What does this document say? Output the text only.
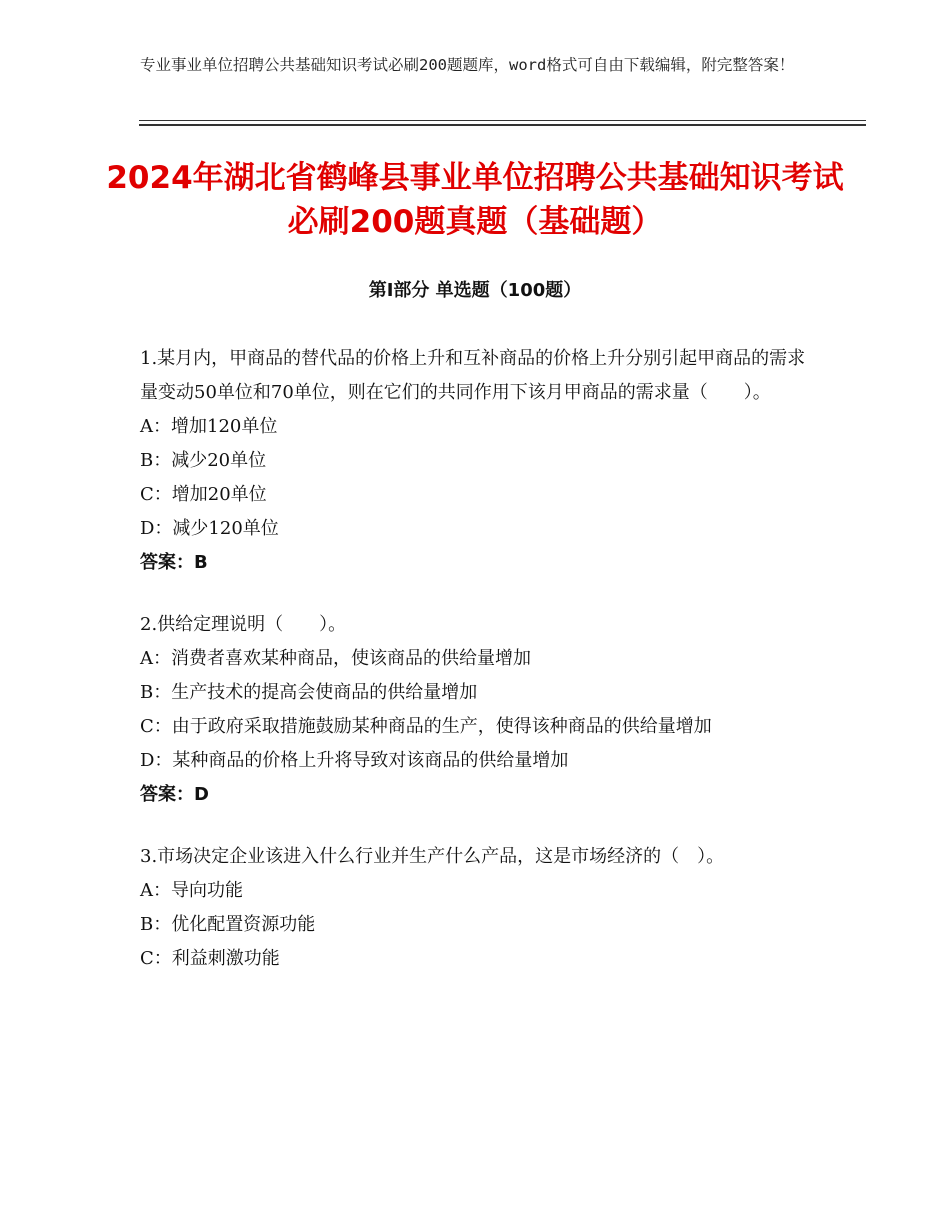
专业事业单位招聘公共基础知识考试必刷200题题库，word格式可自由下载编辑，附完整答案！
2024年湖北省鹤峰县事业单位招聘公共基础知识考试必刷200题真题（基础题）
第Ⅰ部分 单选题（100题）

1.某月内，甲商品的替代品的价格上升和互补商品的价格上升分别引起甲商品的需求量变动50单位和70单位，则在它们的共同作用下该月甲商品的需求量（　　）。

A：增加120单位

B：减少20单位

C：增加20单位

D：减少120单位

答案：B

2.供给定理说明（　　）。

A：消费者喜欢某种商品，使该商品的供给量增加

B：生产技术的提高会使商品的供给量增加

C：由于政府采取措施鼓励某种商品的生产，使得该种商品的供给量增加

D：某种商品的价格上升将导致对该商品的供给量增加

答案：D

3.市场决定企业该进入什么行业并生产什么产品，这是市场经济的（　）。

A：导向功能

B：优化配置资源功能

C：利益刺激功能
